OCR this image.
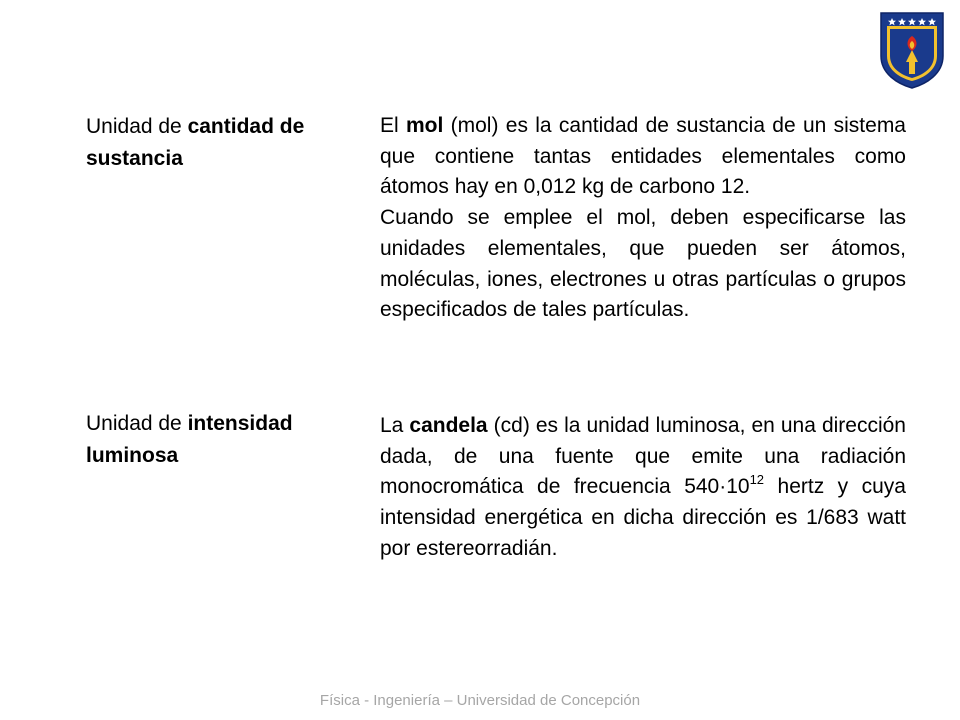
Unidad de cantidad de sustancia

El mol (mol) es la cantidad de sustancia de un sistema que contiene tantas entidades elementales como átomos hay en 0,012 kg de carbono 12.

Cuando se emplee el mol, deben especificarse las unidades elementales, que pueden ser átomos, moléculas, iones, electrones u otras partículas o grupos especificados de tales partículas.

Unidad de intensidad luminosa

La candela (cd) es la unidad luminosa, en una dirección dada, de una fuente que emite una radiación monocromática de frecuencia $540\cdot 10^{12}$ hertz y cuya intensidad energética en dicha dirección es 1/683 watt por estereorradián.

Física - Ingeniería – Universidad de Concepción
